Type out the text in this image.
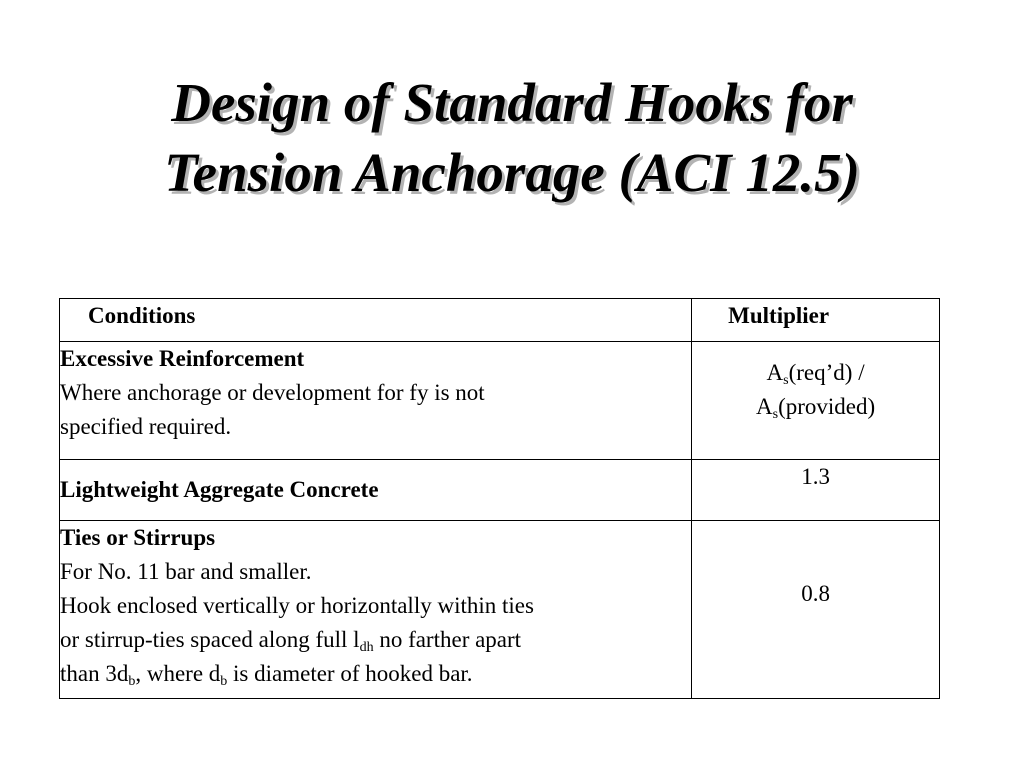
Design of Standard Hooks for
Tension Anchorage (ACI 12.5)
Conditions	Multiplier

Excessive Reinforcement
Where anchorage or development for fy is not
specified required.	$A_s(req’d)$ /
$A_s(provided)$

Lightweight Aggregate Concrete	1.3

Ties or Stirrups
For No. 11 bar and smaller.
Hook enclosed vertically or horizontally within ties
or stirrup-ties spaced along full $l_{dh}$ no farther apart
than $3d_b$, where $d_b$ is diameter of hooked bar.	0.8
